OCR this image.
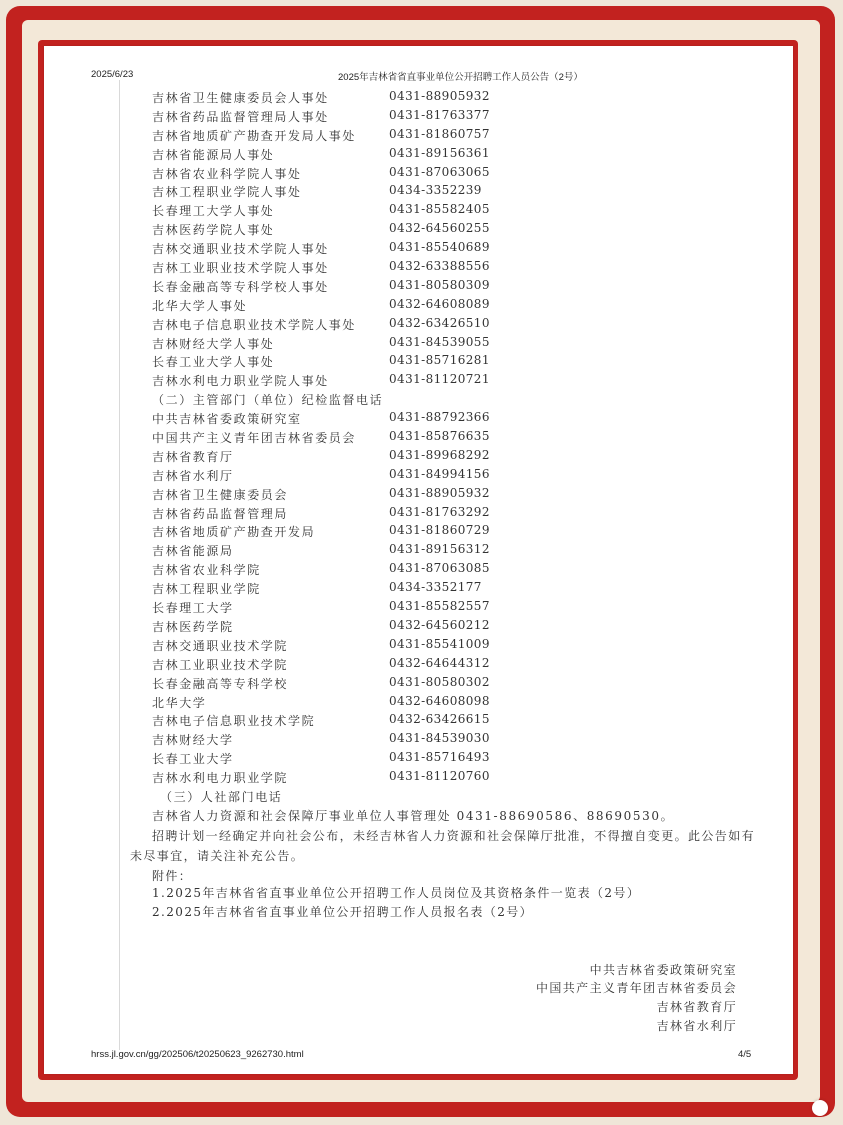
2025/6/23	2025年吉林省省直事业单位公开招聘工作人员公告（2号）
吉林省卫生健康委员会人事处	0431-88905932
吉林省药品监督管理局人事处	0431-81763377
吉林省地质矿产勘查开发局人事处	0431-81860757
吉林省能源局人事处	0431-89156361
吉林省农业科学院人事处	0431-87063065
吉林工程职业学院人事处	0434-3352239
长春理工大学人事处	0431-85582405
吉林医药学院人事处	0432-64560255
吉林交通职业技术学院人事处	0431-85540689
吉林工业职业技术学院人事处	0432-63388556
长春金融高等专科学校人事处	0431-80580309
北华大学人事处	0432-64608089
吉林电子信息职业技术学院人事处	0432-63426510
吉林财经大学人事处	0431-84539055
长春工业大学人事处	0431-85716281
吉林水利电力职业学院人事处	0431-81120721
（二）主管部门（单位）纪检监督电话
中共吉林省委政策研究室	0431-88792366
中国共产主义青年团吉林省委员会	0431-85876635
吉林省教育厅	0431-89968292
吉林省水利厅	0431-84994156
吉林省卫生健康委员会	0431-88905932
吉林省药品监督管理局	0431-81763292
吉林省地质矿产勘查开发局	0431-81860729
吉林省能源局	0431-89156312
吉林省农业科学院	0431-87063085
吉林工程职业学院	0434-3352177
长春理工大学	0431-85582557
吉林医药学院	0432-64560212
吉林交通职业技术学院	0431-85541009
吉林工业职业技术学院	0432-64644312
长春金融高等专科学校	0431-80580302
北华大学	0432-64608098
吉林电子信息职业技术学院	0432-63426615
吉林财经大学	0431-84539030
长春工业大学	0431-85716493
吉林水利电力职业学院	0431-81120760
（三）人社部门电话
吉林省人力资源和社会保障厅事业单位人事管理处 0431-88690586、88690530。
招聘计划一经确定并向社会公布，未经吉林省人力资源和社会保障厅批准，不得擅自变更。此公告如有
未尽事宜，请关注补充公告。
附件：
1.2025年吉林省省直事业单位公开招聘工作人员岗位及其资格条件一览表（2号）
2.2025年吉林省省直事业单位公开招聘工作人员报名表（2号）
中共吉林省委政策研究室
中国共产主义青年团吉林省委员会
吉林省教育厅
吉林省水利厅
hrss.jl.gov.cn/gg/202506/t20250623_9262730.html	4/5
